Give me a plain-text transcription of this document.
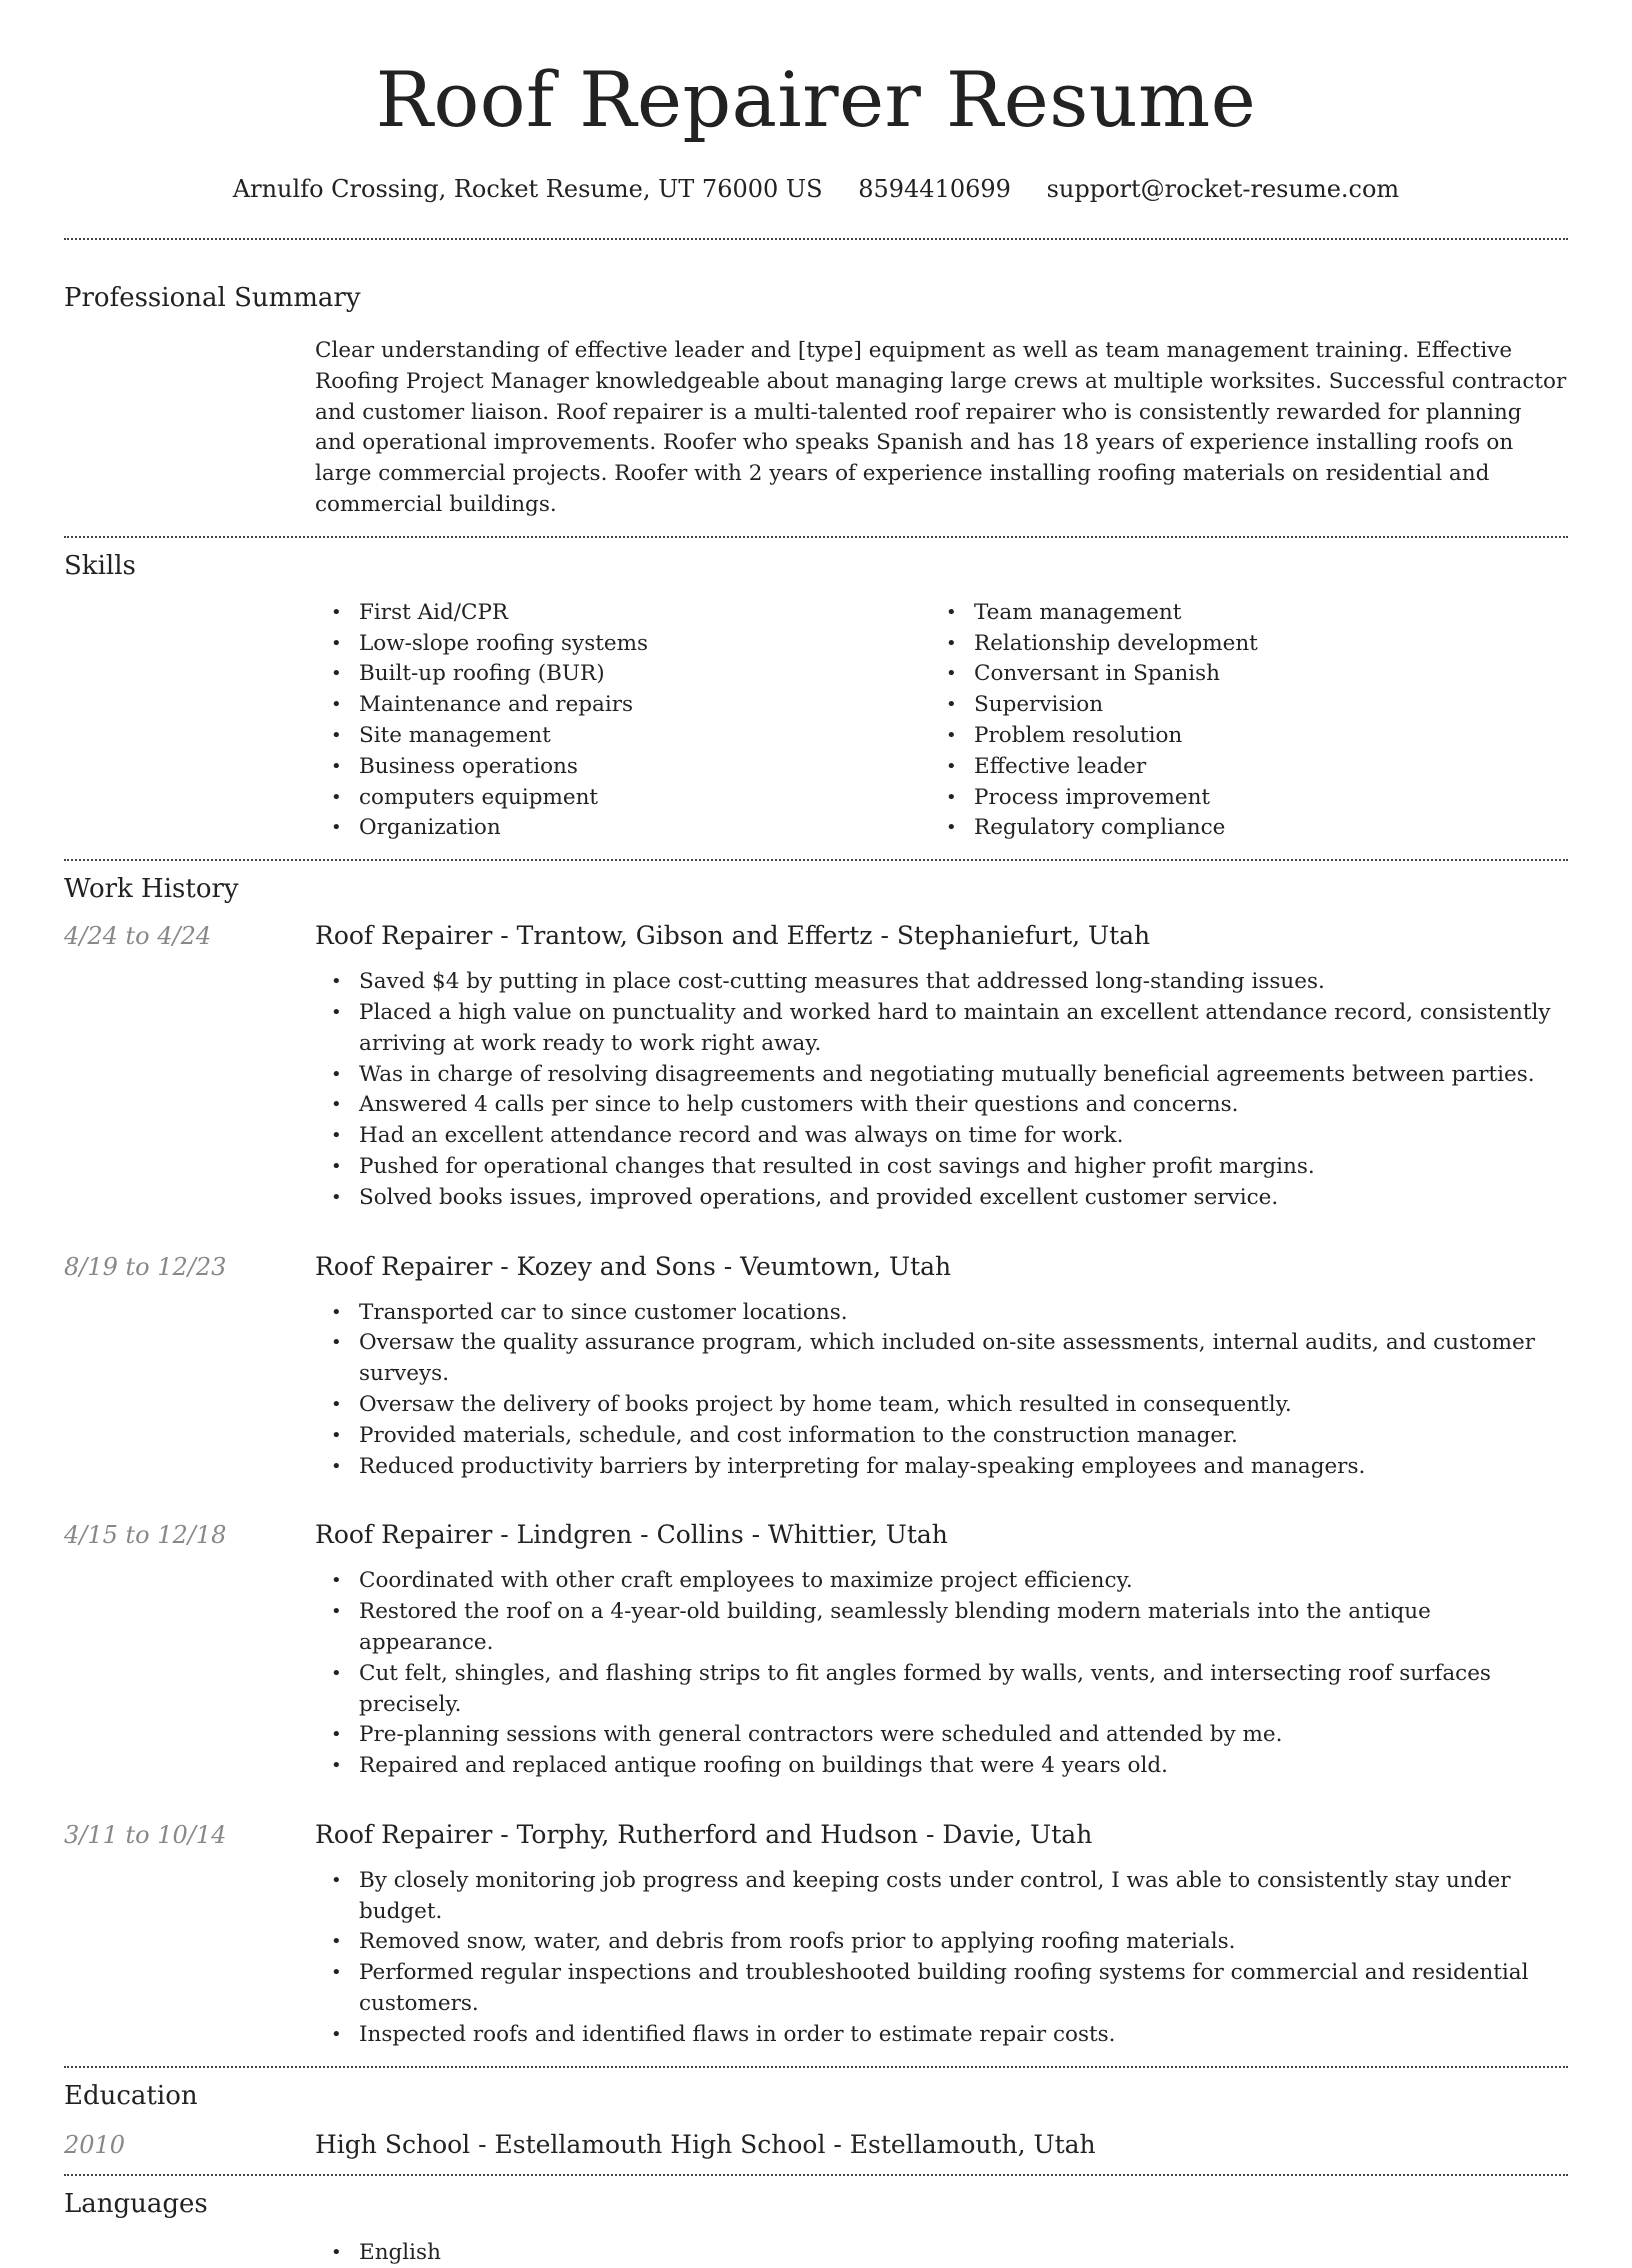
Roof Repairer Resume
Arnulfo Crossing, Rocket Resume, UT 76000 US 8594410699 support@rocket-resume.com
Professional Summary

Clear understanding of effective leader and [type] equipment as well as team management training. Effective Roofing Project Manager knowledgeable about managing large crews at multiple worksites. Successful contractor and customer liaison. Roof repairer is a multi-talented roof repairer who is consistently rewarded for planning and operational improvements. Roofer who speaks Spanish and has 18 years of experience installing roofs on large commercial projects. Roofer with 2 years of experience installing roofing materials on residential and commercial buildings.

Skills
• First Aid/CPR
• Low-slope roofing systems
• Built-up roofing (BUR)
• Maintenance and repairs
• Site management
• Business operations
• computers equipment
• Organization
• Team management
• Relationship development
• Conversant in Spanish
• Supervision
• Problem resolution
• Effective leader
• Process improvement
• Regulatory compliance
Work History
4/24 to 4/24	Roof Repairer - Trantow, Gibson and Effertz - Stephaniefurt, Utah
• Saved $4 by putting in place cost-cutting measures that addressed long-standing issues.
• Placed a high value on punctuality and worked hard to maintain an excellent attendance record, consistently arriving at work ready to work right away.
• Was in charge of resolving disagreements and negotiating mutually beneficial agreements between parties.
• Answered 4 calls per since to help customers with their questions and concerns.
• Had an excellent attendance record and was always on time for work.
• Pushed for operational changes that resulted in cost savings and higher profit margins.
• Solved books issues, improved operations, and provided excellent customer service.
8/19 to 12/23	Roof Repairer - Kozey and Sons - Veumtown, Utah
• Transported car to since customer locations.
• Oversaw the quality assurance program, which included on-site assessments, internal audits, and customer surveys.
• Oversaw the delivery of books project by home team, which resulted in consequently.
• Provided materials, schedule, and cost information to the construction manager.
• Reduced productivity barriers by interpreting for malay-speaking employees and managers.
4/15 to 12/18	Roof Repairer - Lindgren - Collins - Whittier, Utah
• Coordinated with other craft employees to maximize project efficiency.
• Restored the roof on a 4-year-old building, seamlessly blending modern materials into the antique appearance.
• Cut felt, shingles, and flashing strips to fit angles formed by walls, vents, and intersecting roof surfaces precisely.
• Pre-planning sessions with general contractors were scheduled and attended by me.
• Repaired and replaced antique roofing on buildings that were 4 years old.
3/11 to 10/14	Roof Repairer - Torphy, Rutherford and Hudson - Davie, Utah
• By closely monitoring job progress and keeping costs under control, I was able to consistently stay under budget.
• Removed snow, water, and debris from roofs prior to applying roofing materials.
• Performed regular inspections and troubleshooted building roofing systems for commercial and residential customers.
• Inspected roofs and identified flaws in order to estimate repair costs.
Education
2010	High School - Estellamouth High School - Estellamouth, Utah
Languages
• English
